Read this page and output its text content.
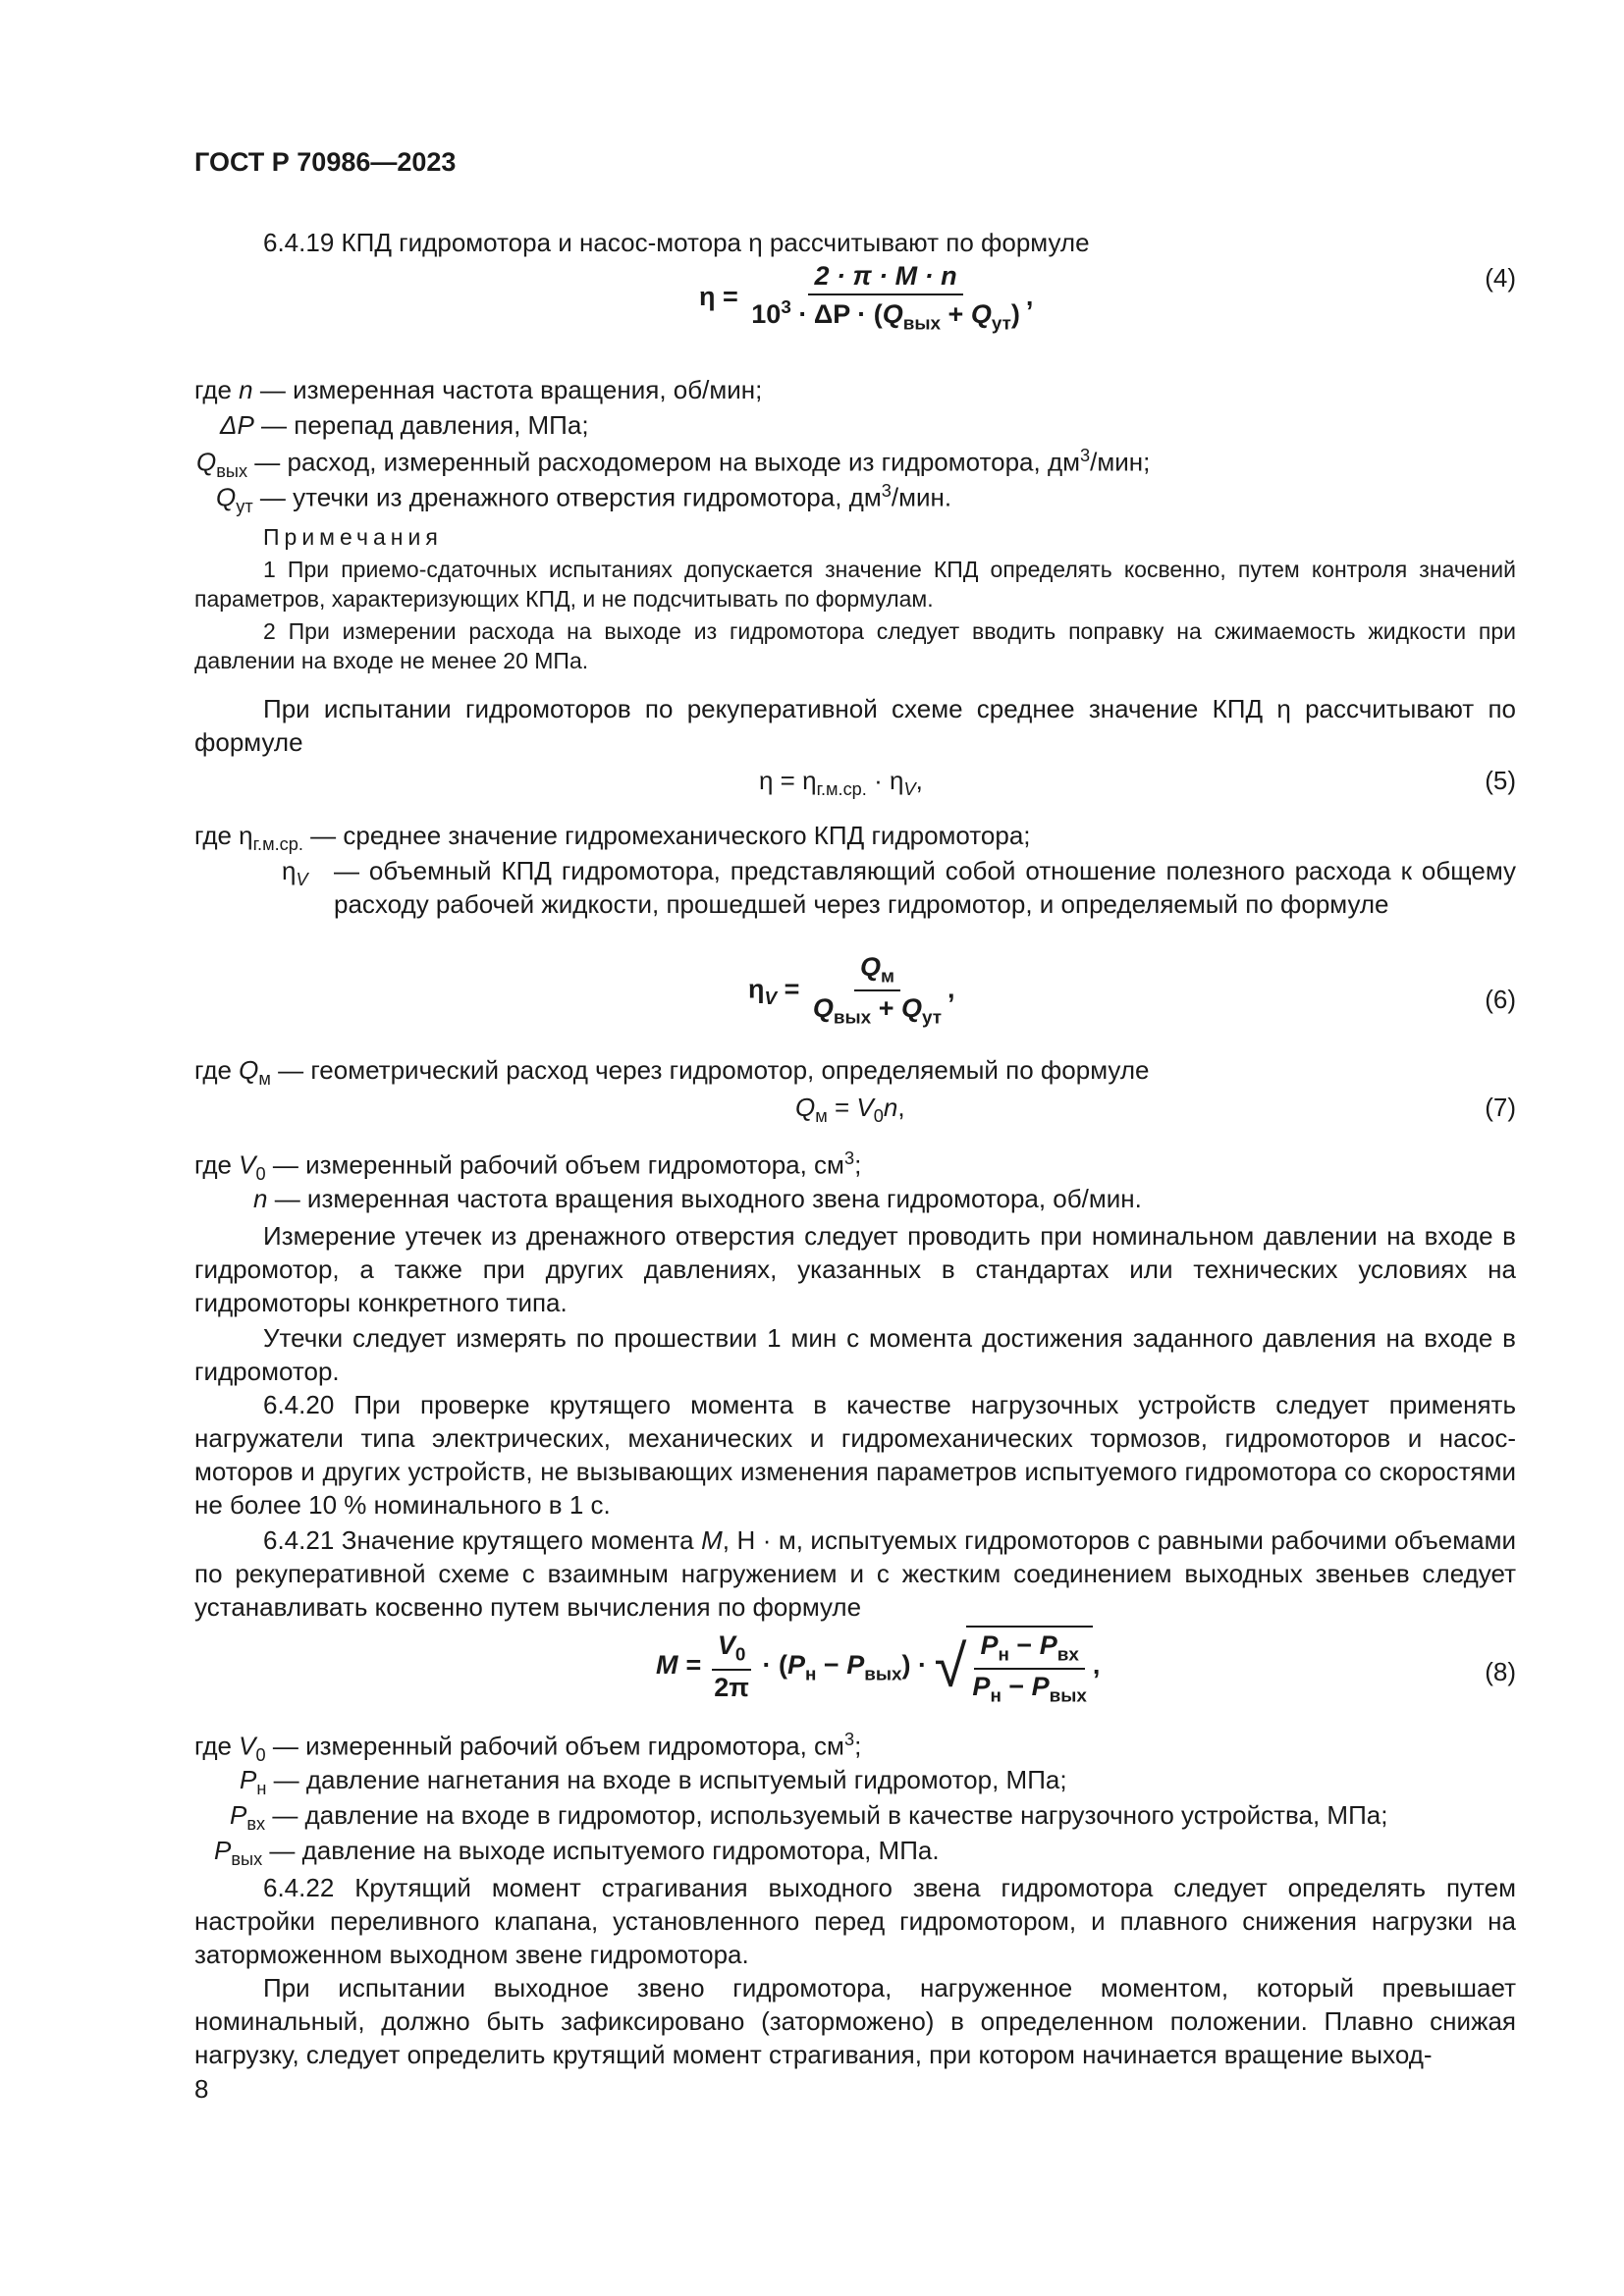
ГОСТ Р 70986—2023
6.4.19 КПД гидромотора и насос-мотора η рассчитывают по формуле
$\eta = \frac{2 \cdot \pi \cdot M \cdot n}{10^3 \cdot \Delta P \cdot (Q_{вых} + Q_{ут})}$ ,
(4)
где n — измеренная частота вращения, об/мин;
ΔP — перепад давления, МПа;
$Q_{вых}$ — расход, измеренный расходомером на выходе из гидромотора, $дм^3$/мин;
$Q_{ут}$ — утечки из дренажного отверстия гидромотора, $дм^3$/мин.
Примечания
1 При приемо-сдаточных испытаниях допускается значение КПД определять косвенно, путем контроля значений параметров, характеризующих КПД, и не подсчитывать по формулам.
2 При измерении расхода на выходе из гидромотора следует вводить поправку на сжимаемость жидкости при давлении на входе не менее 20 МПа.
При испытании гидромоторов по рекуперативной схеме среднее значение КПД η рассчитывают по формуле
$\eta = \eta_{г.м.ср.} \cdot \eta_V$,	(5)
где $\eta_{г.м.ср.}$ — среднее значение гидромеханического КПД гидромотора;
$\eta_V$ — объемный КПД гидромотора, представляющий собой отношение полезного расхода к общему расходу рабочей жидкости, прошедшей через гидромотор, и определяемый по формуле
$\eta_V = \frac{Q_м}{Q_{вых} + Q_{ут}}$ ,	(6)
где $Q_м$ — геометрический расход через гидромотор, определяемый по формуле
$Q_м = V_0n$,	(7)
где $V_0$ — измеренный рабочий объем гидромотора, $см^3$;
n — измеренная частота вращения выходного звена гидромотора, об/мин.
Измерение утечек из дренажного отверстия следует проводить при номинальном давлении на входе в гидромотор, а также при других давлениях, указанных в стандартах или технических условиях на гидромоторы конкретного типа.
Утечки следует измерять по прошествии 1 мин с момента достижения заданного давления на входе в гидромотор.
6.4.20 При проверке крутящего момента в качестве нагрузочных устройств следует применять нагружатели типа электрических, механических и гидромеханических тормозов, гидромоторов и насос-моторов и других устройств, не вызывающих изменения параметров испытуемого гидромотора со скоростями не более 10 % номинального в 1 с.
6.4.21 Значение крутящего момента M, Н · м, испытуемых гидромоторов с равными рабочими объемами по рекуперативной схеме с взаимным нагружением и с жестким соединением выходных звеньев следует устанавливать косвенно путем вычисления по формуле
$M = \frac{V_0}{2\pi} \cdot (P_н - P_{вых})$ · √ $\frac{P_н - P_{вх}}{P_н - P_{вых}}$ ,	(8)
где $V_0$ — измеренный рабочий объем гидромотора, $см^3$;
$P_н$ — давление нагнетания на входе в испытуемый гидромотор, МПа;
$P_{вх}$ — давление на входе в гидромотор, используемый в качестве нагрузочного устройства, МПа;
$P_{вых}$ — давление на выходе испытуемого гидромотора, МПа.
6.4.22 Крутящий момент страгивания выходного звена гидромотора следует определять путем настройки переливного клапана, установленного перед гидромотором, и плавного снижения нагрузки на заторможенном выходном звене гидромотора.
При испытании выходное звено гидромотора, нагруженное моментом, который превышает номинальный, должно быть зафиксировано (заторможено) в определенном положении. Плавно снижая нагрузку, следует определить крутящий момент страгивания, при котором начинается вращение выход-
8
